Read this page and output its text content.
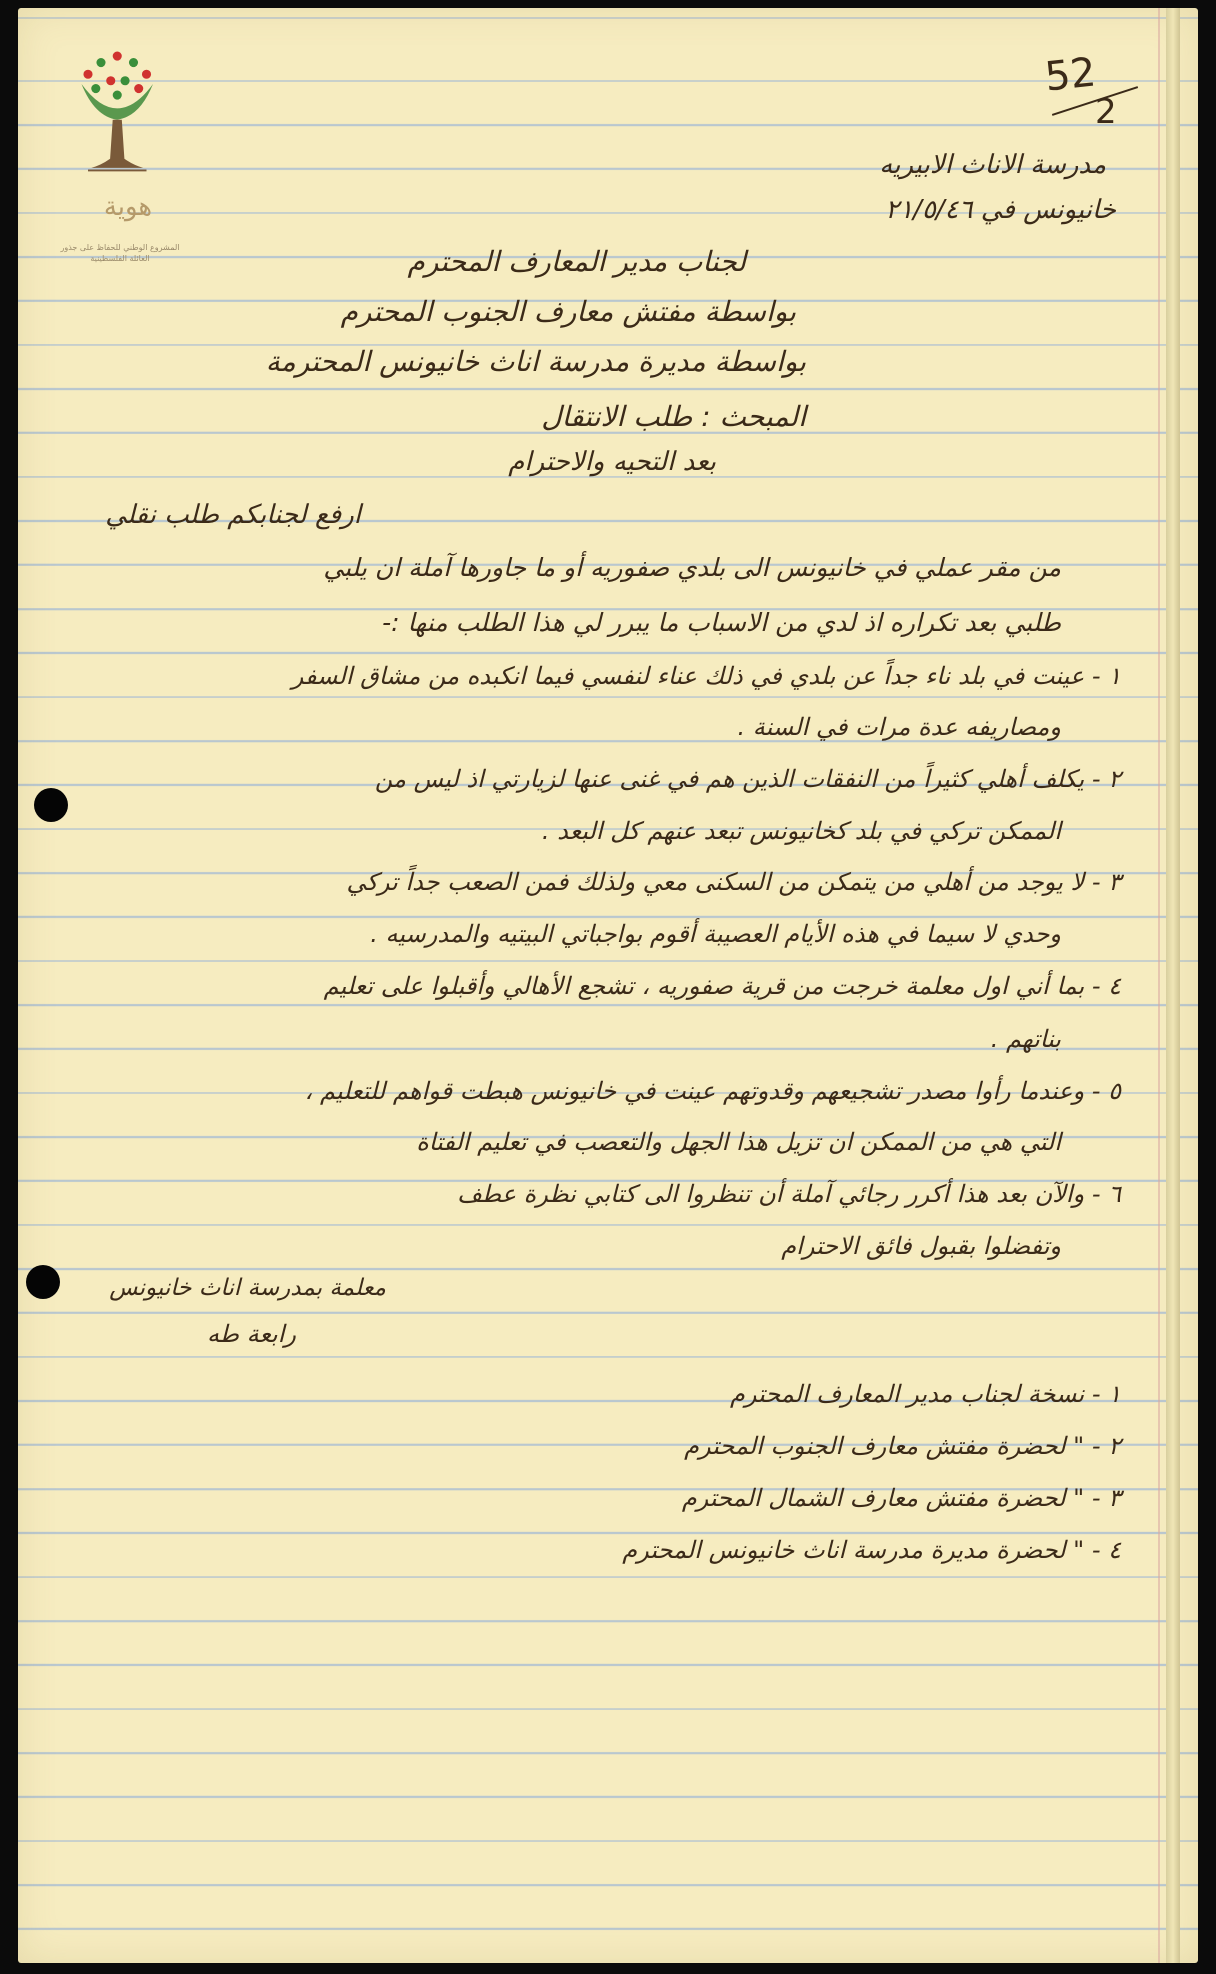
هوية
المشروع الوطني للحفاظ على جذور العائلة الفلسطينية
52
2
مدرسة الاناث الابيريه
خانيونس في ٢١/٥/٤٦
لجناب مدير المعارف المحترم
بواسطة مفتش معارف الجنوب المحترم
بواسطة مديرة مدرسة اناث خانيونس المحترمة
المبحث : طلب الانتقال
بعد التحيه والاحترام
ارفع لجنابكم طلب نقلي
من مقر عملي في خانيونس الى بلدي صفوريه أو ما جاورها آملة ان يلبي
طلبي بعد تكراره اذ لدي من الاسباب ما يبرر لي هذا الطلب منها :-
١ - عينت في بلد ناء جداً عن بلدي في ذلك عناء لنفسي فيما انكبده من مشاق السفر
ومصاريفه عدة مرات في السنة .
٢ - يكلف أهلي كثيراً من النفقات الذين هم في غنى عنها لزيارتي اذ ليس من
الممكن تركي في بلد كخانيونس تبعد عنهم كل البعد .
٣ - لا يوجد من أهلي من يتمكن من السكنى معي ولذلك فمن الصعب جداً تركي
وحدي لا سيما في هذه الأيام العصيبة أقوم بواجباتي البيتيه والمدرسيه .
٤ - بما أني اول معلمة خرجت من قرية صفوريه ، تشجع الأهالي وأقبلوا على تعليم
بناتهم .
٥ - وعندما رأوا مصدر تشجيعهم وقدوتهم عينت في خانيونس هبطت قواهم للتعليم ،
التي هي من الممكن ان تزيل هذا الجهل والتعصب في تعليم الفتاة
٦ - والآن بعد هذا أكرر رجائي آملة أن تنظروا الى كتابي نظرة عطف
وتفضلوا بقبول فائق الاحترام
معلمة بمدرسة اناث خانيونس
رابعة طه
١ - نسخة لجناب مدير المعارف المحترم
٢ - " لحضرة مفتش معارف الجنوب المحترم
٣ - " لحضرة مفتش معارف الشمال المحترم
٤ - " لحضرة مديرة مدرسة اناث خانيونس المحترم
